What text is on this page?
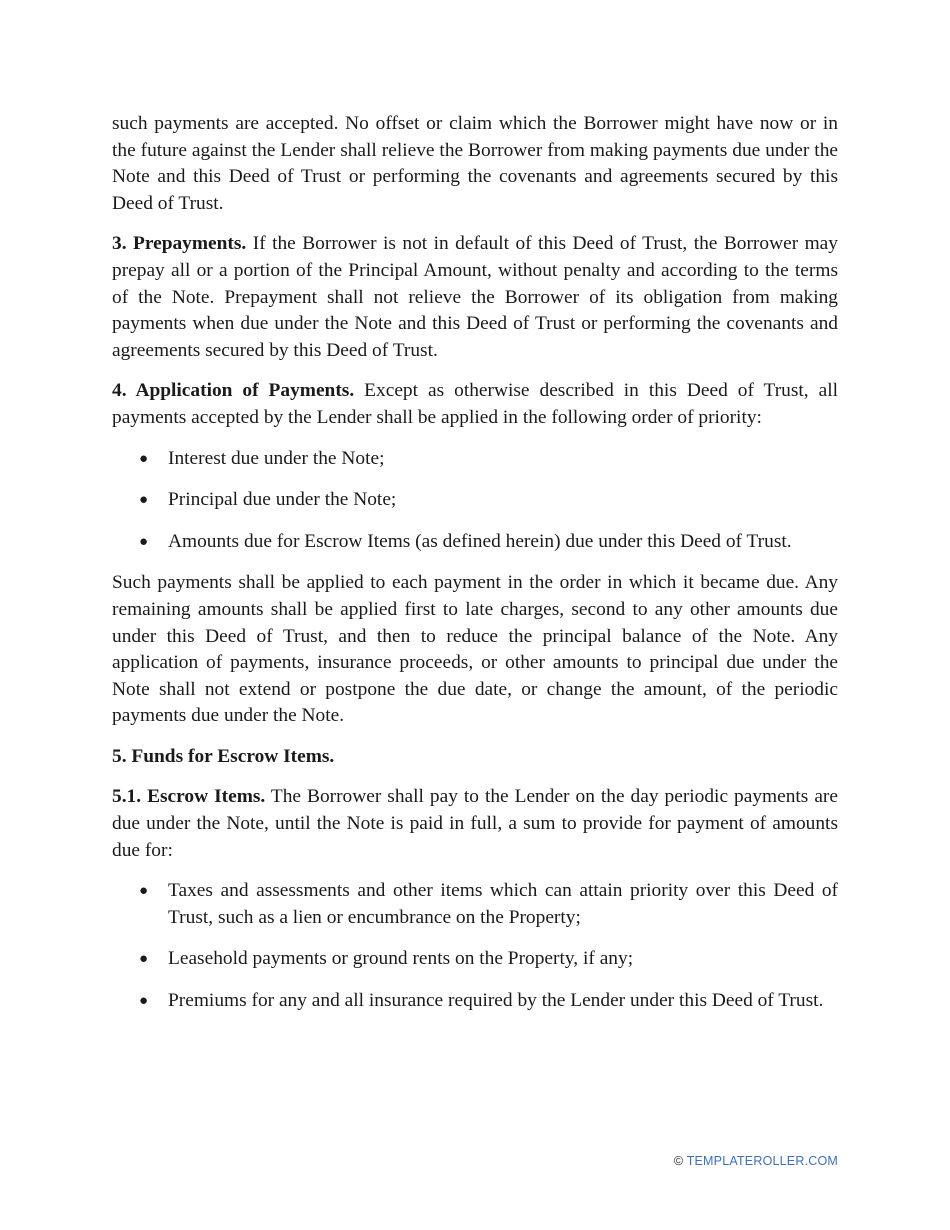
such payments are accepted. No offset or claim which the Borrower might have now or in the future against the Lender shall relieve the Borrower from making payments due under the Note and this Deed of Trust or performing the covenants and agreements secured by this Deed of Trust.

3. Prepayments. If the Borrower is not in default of this Deed of Trust, the Borrower may prepay all or a portion of the Principal Amount, without penalty and according to the terms of the Note. Prepayment shall not relieve the Borrower of its obligation from making payments when due under the Note and this Deed of Trust or performing the covenants and agreements secured by this Deed of Trust.

4. Application of Payments. Except as otherwise described in this Deed of Trust, all payments accepted by the Lender shall be applied in the following order of priority:

● Interest due under the Note;
● Principal due under the Note;
● Amounts due for Escrow Items (as defined herein) due under this Deed of Trust.

Such payments shall be applied to each payment in the order in which it became due. Any remaining amounts shall be applied first to late charges, second to any other amounts due under this Deed of Trust, and then to reduce the principal balance of the Note. Any application of payments, insurance proceeds, or other amounts to principal due under the Note shall not extend or postpone the due date, or change the amount, of the periodic payments due under the Note.

5. Funds for Escrow Items.

5.1. Escrow Items. The Borrower shall pay to the Lender on the day periodic payments are due under the Note, until the Note is paid in full, a sum to provide for payment of amounts due for:

● Taxes and assessments and other items which can attain priority over this Deed of Trust, such as a lien or encumbrance on the Property;
● Leasehold payments or ground rents on the Property, if any;
● Premiums for any and all insurance required by the Lender under this Deed of Trust.
© TEMPLATEROLLER.COM
